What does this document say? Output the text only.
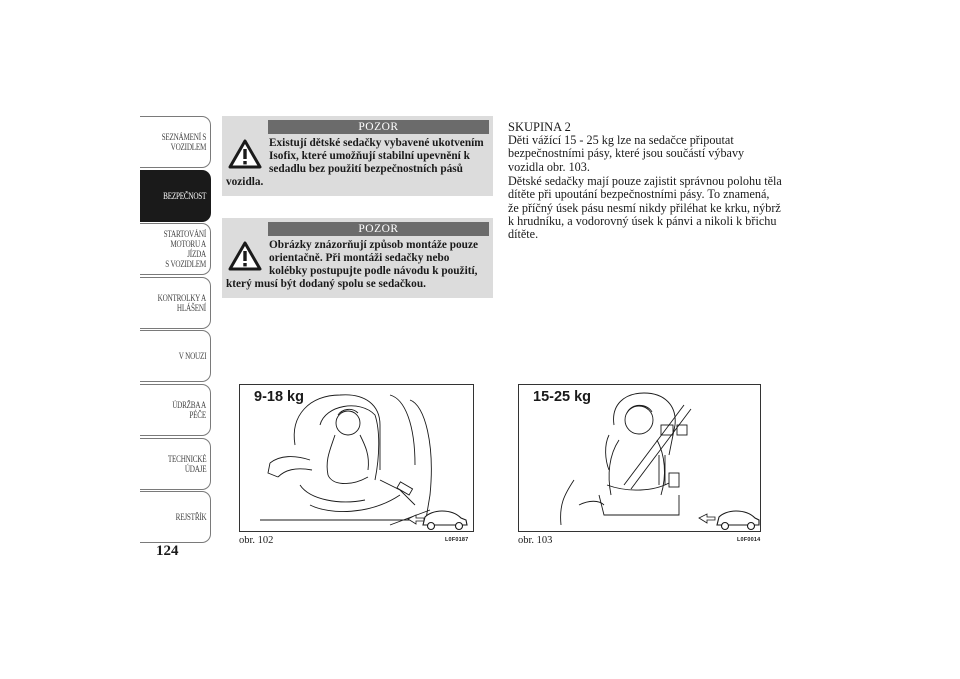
SEZNÁMENÍ S
VOZIDLEM
BEZPEČNOST
STARTOVÁNÍ
MOTORU A JÍZDA
S VOZIDLEM
KONTROLKY A
HLÁŠENÍ
V NOUZI
ÚDRŽBA A PÉČE
TECHNICKÉ
ÚDAJE
REJSTŘÍK
124
POZOR
Existují dětské sedačky vybavené ukotvením Isofix, které umožňují stabilní upevnění k sedadlu bez použití bezpečnostních pásů vozidla.
POZOR
Obrázky znázorňují způsob montáže pouze orientačně. Při montáži sedačky nebo kolébky postupujte podle návodu k použití, který musí být dodaný spolu se sedačkou.
SKUPINA 2

Děti vážící 15 - 25 kg lze na sedačce připoutat bezpečnostními pásy, které jsou součástí výbavy vozidla obr. 103.

Dětské sedačky mají pouze zajistit správnou polohu těla dítěte při upoutání bezpečnostními pásy. To znamená, že příčný úsek pásu nesmí nikdy přiléhat ke krku, nýbrž k hrudníku, a vodorovný úsek k pánvi a nikoli k břichu dítěte.

9-18 kg
obr. 102	L0F0187
15-25 kg
obr. 103	L0F0014
